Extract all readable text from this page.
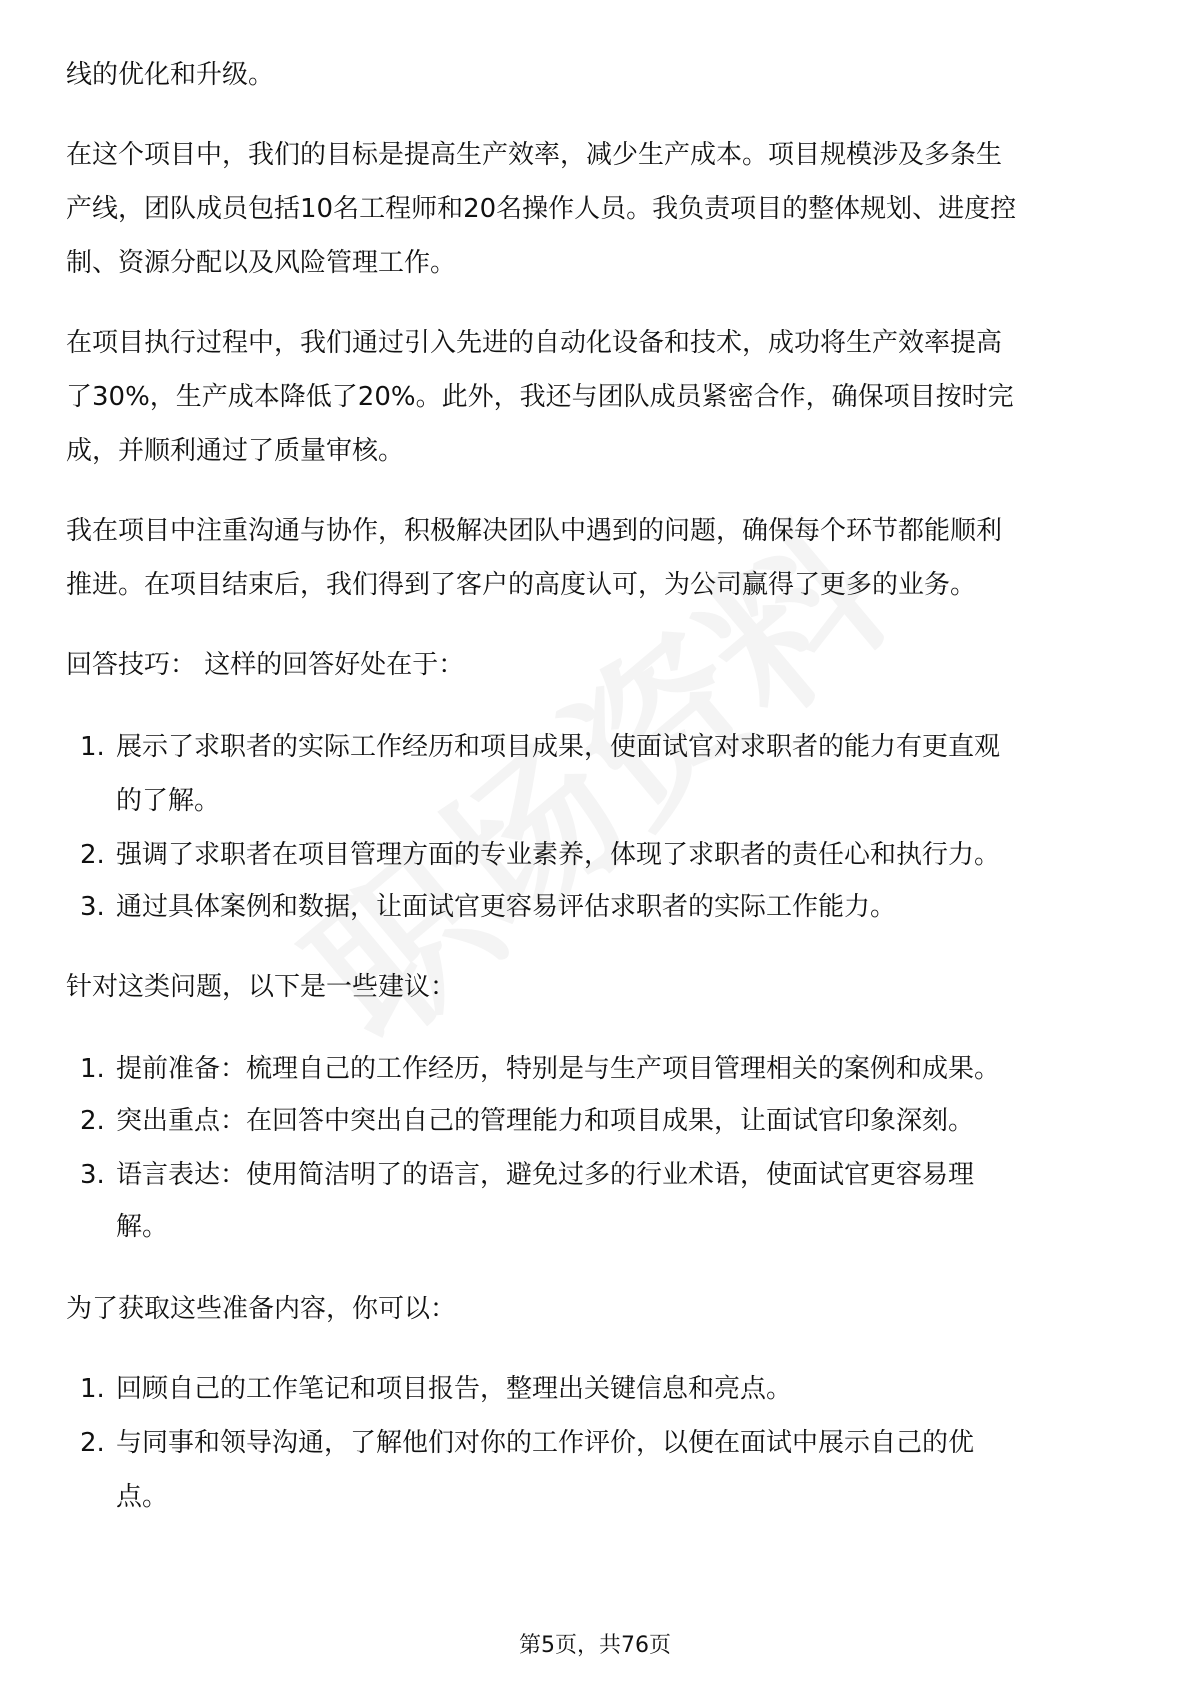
线的优化和升级。
在这个项目中，我们的目标是提高生产效率，减少生产成本。项目规模涉及多条生
产线，团队成员包括10名工程师和20名操作人员。我负责项目的整体规划、进度控
制、资源分配以及风险管理工作。
在项目执行过程中，我们通过引入先进的自动化设备和技术，成功将生产效率提高
了30%，生产成本降低了20%。此外，我还与团队成员紧密合作，确保项目按时完
成，并顺利通过了质量审核。
我在项目中注重沟通与协作，积极解决团队中遇到的问题，确保每个环节都能顺利
推进。在项目结束后，我们得到了客户的高度认可，为公司赢得了更多的业务。
回答技巧： 这样的回答好处在于：
1. 展示了求职者的实际工作经历和项目成果，使面试官对求职者的能力有更直观
的了解。
2. 强调了求职者在项目管理方面的专业素养，体现了求职者的责任心和执行力。
3. 通过具体案例和数据，让面试官更容易评估求职者的实际工作能力。
针对这类问题，以下是一些建议：
1. 提前准备：梳理自己的工作经历，特别是与生产项目管理相关的案例和成果。
2. 突出重点：在回答中突出自己的管理能力和项目成果，让面试官印象深刻。
3. 语言表达：使用简洁明了的语言，避免过多的行业术语，使面试官更容易理
解。
为了获取这些准备内容，你可以：
1. 回顾自己的工作笔记和项目报告，整理出关键信息和亮点。
2. 与同事和领导沟通，了解他们对你的工作评价，以便在面试中展示自己的优
点。
第5页，共76页
